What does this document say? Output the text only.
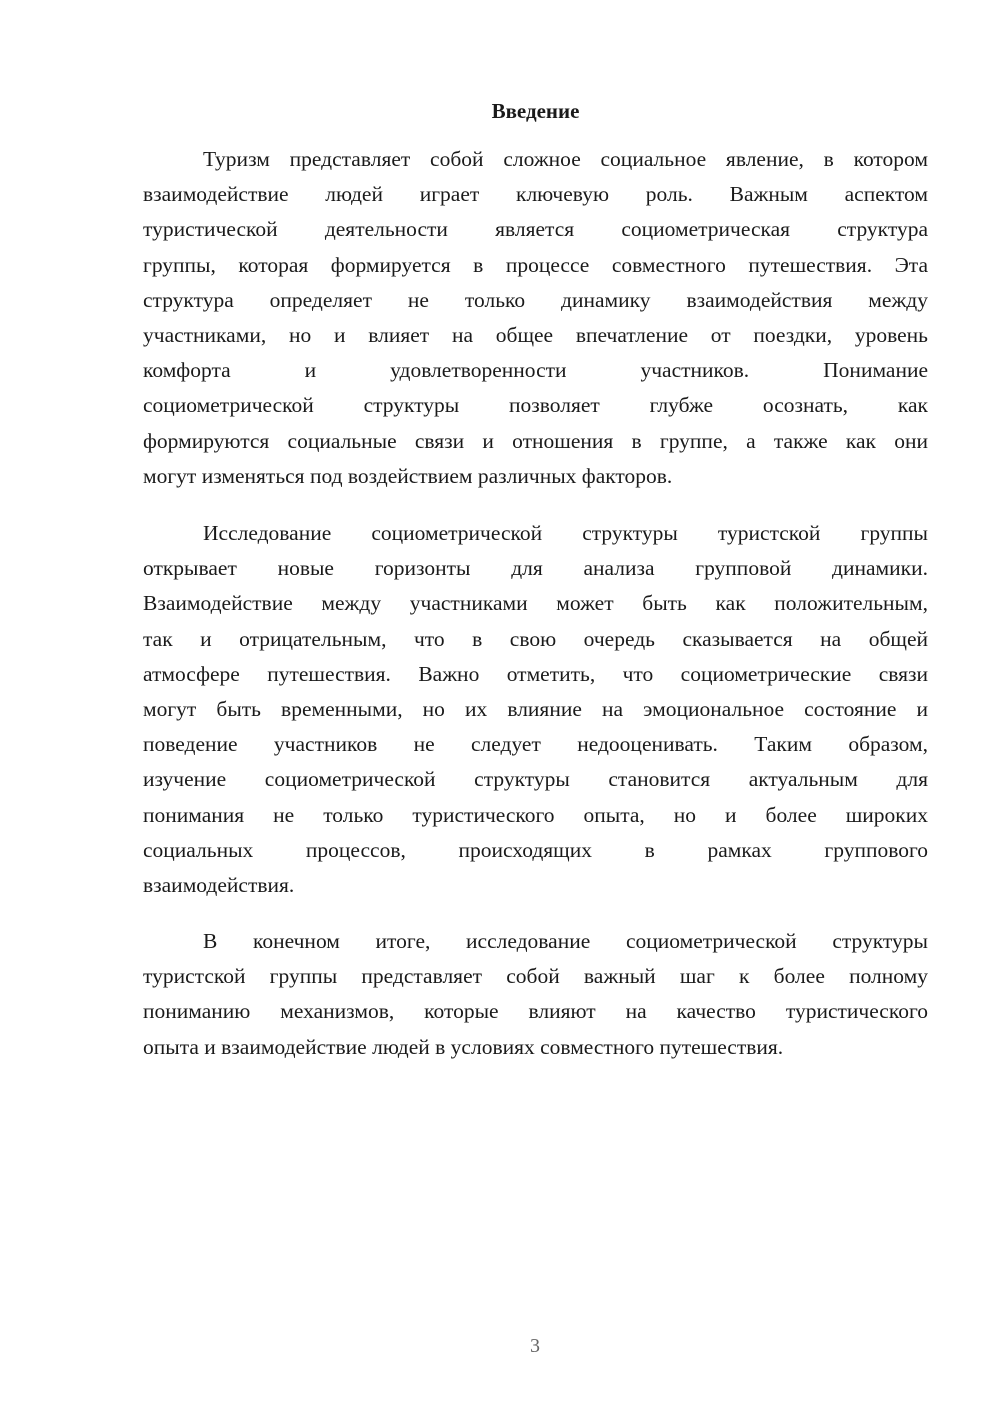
Введение
Туризм представляет собой сложное социальное явление, в котором
взаимодействие людей играет ключевую роль. Важным аспектом
туристической деятельности является социометрическая структура
группы, которая формируется в процессе совместного путешествия. Эта
структура определяет не только динамику взаимодействия между
участниками, но и влияет на общее впечатление от поездки, уровень
комфорта и удовлетворенности участников. Понимание
социометрической структуры позволяет глубже осознать, как
формируются социальные связи и отношения в группе, а также как они
могут изменяться под воздействием различных факторов.
Исследование социометрической структуры туристской группы
открывает новые горизонты для анализа групповой динамики.
Взаимодействие между участниками может быть как положительным,
так и отрицательным, что в свою очередь сказывается на общей
атмосфере путешествия. Важно отметить, что социометрические связи
могут быть временными, но их влияние на эмоциональное состояние и
поведение участников не следует недооценивать. Таким образом,
изучение социометрической структуры становится актуальным для
понимания не только туристического опыта, но и более широких
социальных процессов, происходящих в рамках группового
взаимодействия.
В конечном итоге, исследование социометрической структуры
туристской группы представляет собой важный шаг к более полному
пониманию механизмов, которые влияют на качество туристического
опыта и взаимодействие людей в условиях совместного путешествия.
3
